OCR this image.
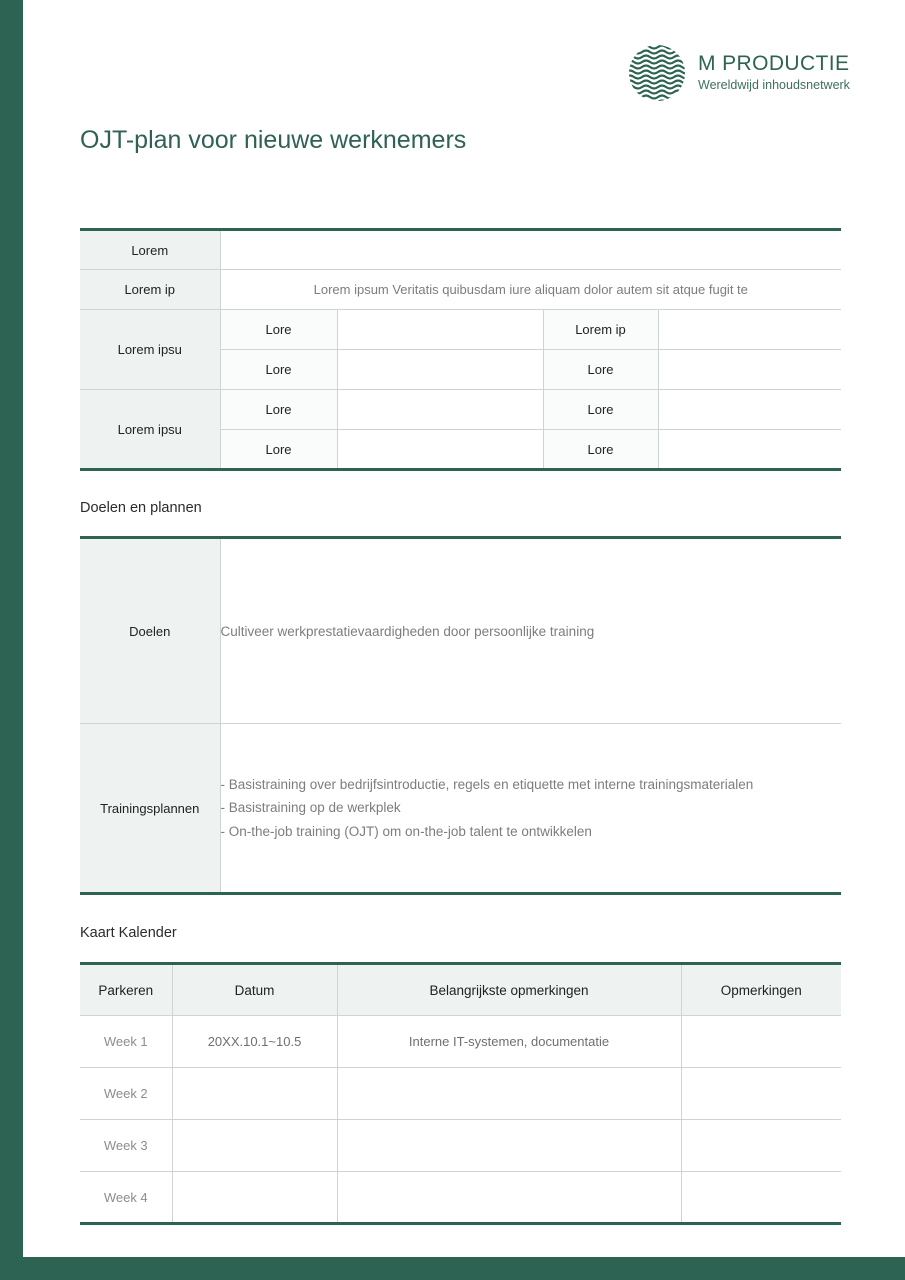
M PRODUCTIE
Wereldwijd inhoudsnetwerk
OJT-plan voor nieuwe werknemers
Lorem				
Lorem ip	Lorem ipsum Veritatis quibusdam iure aliquam dolor autem sit atque fugit te			
Lorem ipsu	Lore		Lorem ip	
	Lore		Lore	
Lorem ipsu	Lore		Lore	
	Lore		Lore	
Doelen en plannen
Doelen	Cultiveer werkprestatievaardigheden door persoonlijke training
Trainingsplannen	- Basistraining over bedrijfsintroductie, regels en etiquette met interne trainingsmaterialen
- Basistraining op de werkplek
- On-the-job training (OJT) om on-the-job talent te ontwikkelen
Kaart Kalender
Parkeren	Datum	Belangrijkste opmerkingen	Opmerkingen
Week 1	20XX.10.1~10.5	Interne IT-systemen, documentatie	
Week 2			
Week 3			
Week 4			
